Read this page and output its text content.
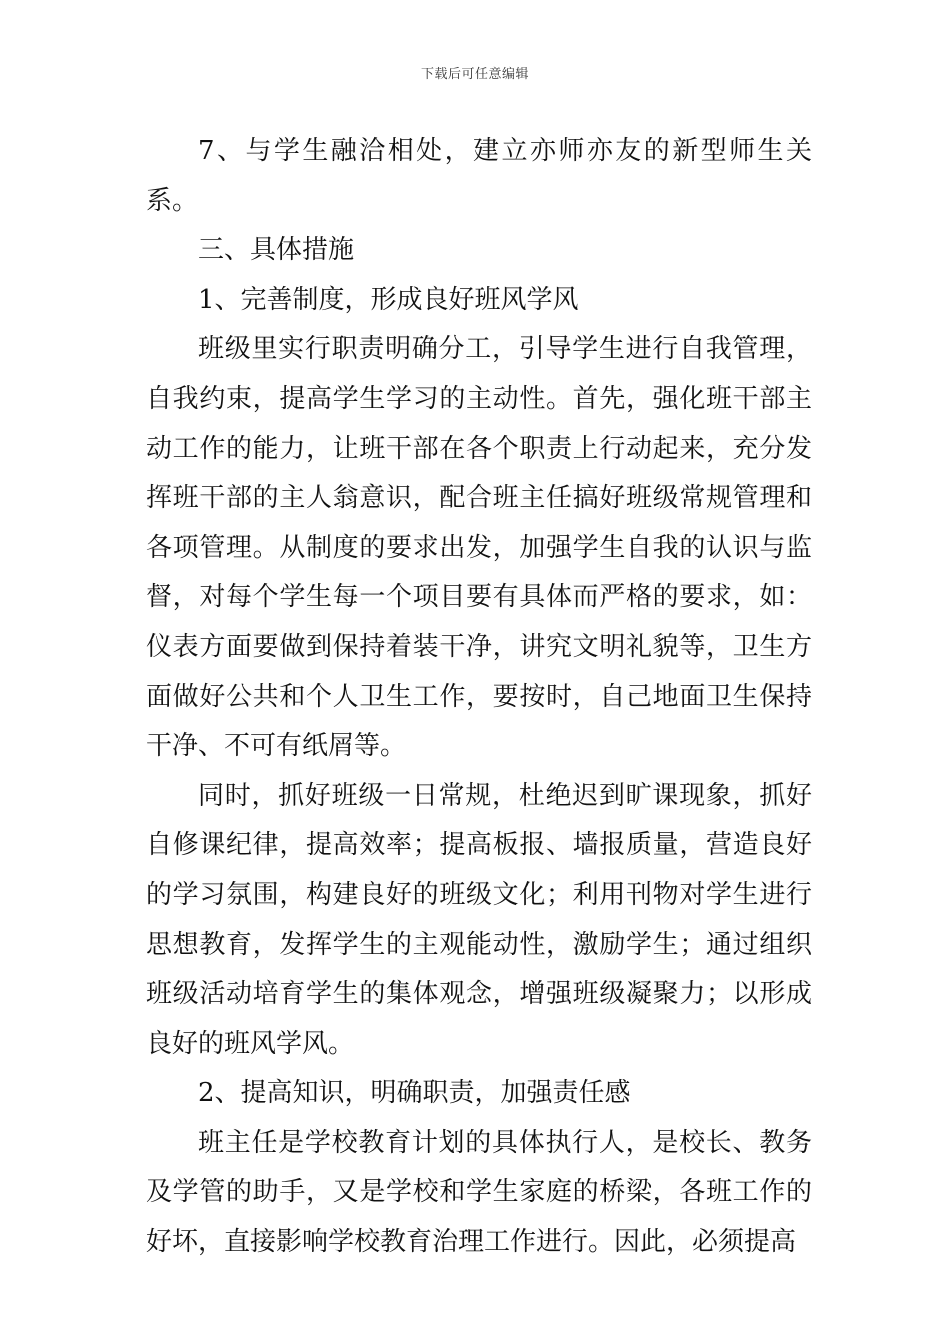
下载后可任意编辑

7、与学生融洽相处，建立亦师亦友的新型师生关系。

三、具体措施

1、完善制度，形成良好班风学风

班级里实行职责明确分工，引导学生进行自我管理，自我约束，提高学生学习的主动性。首先，强化班干部主动工作的能力，让班干部在各个职责上行动起来，充分发挥班干部的主人翁意识，配合班主任搞好班级常规管理和各项管理。从制度的要求出发，加强学生自我的认识与监督，对每个学生每一个项目要有具体而严格的要求，如：仪表方面要做到保持着装干净，讲究文明礼貌等，卫生方面做好公共和个人卫生工作，要按时，自己地面卫生保持干净、不可有纸屑等。

同时，抓好班级一日常规，杜绝迟到旷课现象，抓好自修课纪律，提高效率；提高板报、墙报质量，营造良好的学习氛围，构建良好的班级文化；利用刊物对学生进行思想教育，发挥学生的主观能动性，激励学生；通过组织班级活动培育学生的集体观念，增强班级凝聚力；以形成良好的班风学风。

2、提高知识，明确职责，加强责任感

班主任是学校教育计划的具体执行人，是校长、教务及学管的助手，又是学校和学生家庭的桥梁，各班工作的好坏，直接影响学校教育治理工作进行。因此，必须提高
